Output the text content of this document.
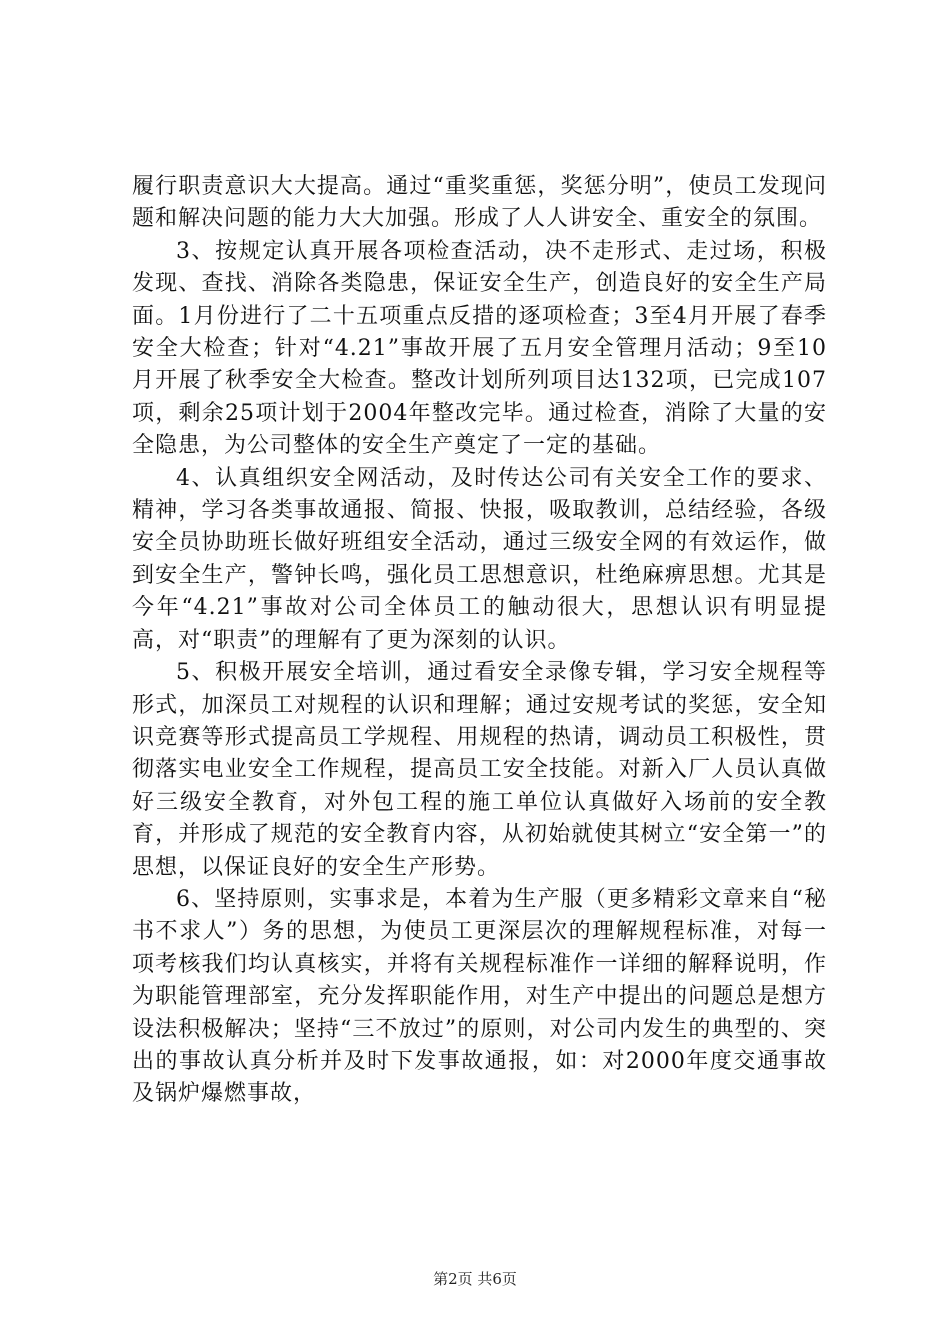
履行职责意识大大提高。通过“重奖重惩，奖惩分明”，使员工发现问题和解决问题的能力大大加强。形成了人人讲安全、重安全的氛围。

3、按规定认真开展各项检查活动，决不走形式、走过场，积极发现、查找、消除各类隐患，保证安全生产，创造良好的安全生产局面。1月份进行了二十五项重点反措的逐项检查；3至4月开展了春季安全大检查；针对“4.21”事故开展了五月安全管理月活动；9至10月开展了秋季安全大检查。整改计划所列项目达132项，已完成107项，剩余25项计划于2004年整改完毕。通过检查，消除了大量的安全隐患，为公司整体的安全生产奠定了一定的基础。

4、认真组织安全网活动，及时传达公司有关安全工作的要求、精神，学习各类事故通报、简报、快报，吸取教训，总结经验，各级安全员协助班长做好班组安全活动，通过三级安全网的有效运作，做到安全生产，警钟长鸣，强化员工思想意识，杜绝麻痹思想。尤其是今年“4.21”事故对公司全体员工的触动很大，思想认识有明显提高，对“职责”的理解有了更为深刻的认识。

5、积极开展安全培训，通过看安全录像专辑，学习安全规程等形式，加深员工对规程的认识和理解；通过安规考试的奖惩，安全知识竞赛等形式提高员工学规程、用规程的热请，调动员工积极性，贯彻落实电业安全工作规程，提高员工安全技能。对新入厂人员认真做好三级安全教育，对外包工程的施工单位认真做好入场前的安全教育，并形成了规范的安全教育内容，从初始就使其树立“安全第一”的思想，以保证良好的安全生产形势。

6、坚持原则，实事求是，本着为生产服（更多精彩文章来自“秘书不求人”）务的思想，为使员工更深层次的理解规程标准，对每一项考核我们均认真核实，并将有关规程标准作一详细的解释说明，作为职能管理部室，充分发挥职能作用，对生产中提出的问题总是想方设法积极解决；坚持“三不放过”的原则，对公司内发生的典型的、突出的事故认真分析并及时下发事故通报，如：对2000年度交通事故及锅炉爆燃事故，

第2页 共6页
